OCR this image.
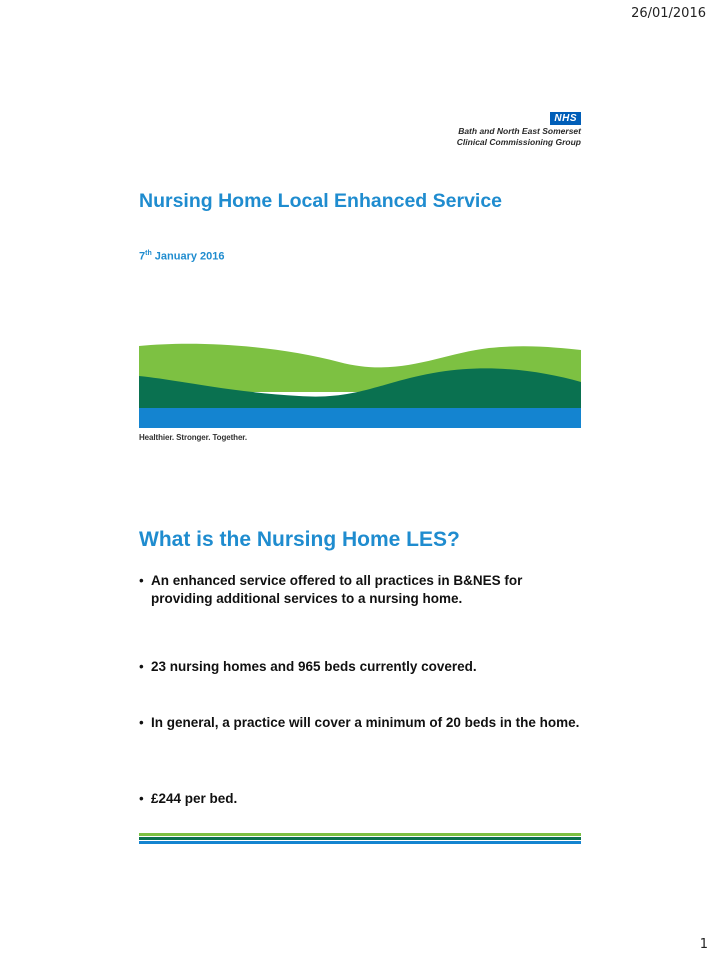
26/01/2016
NHS
Bath and North East Somerset
Clinical Commissioning Group
Nursing Home Local Enhanced Service
7th January 2016
Healthier. Stronger. Together.
What is the Nursing Home LES?
• An enhanced service offered to all practices in B&NES for providing additional services to a nursing home.
• 23 nursing homes and 965 beds currently covered.
• In general, a practice will cover a minimum of 20 beds in the home.
• £244 per bed.
1
